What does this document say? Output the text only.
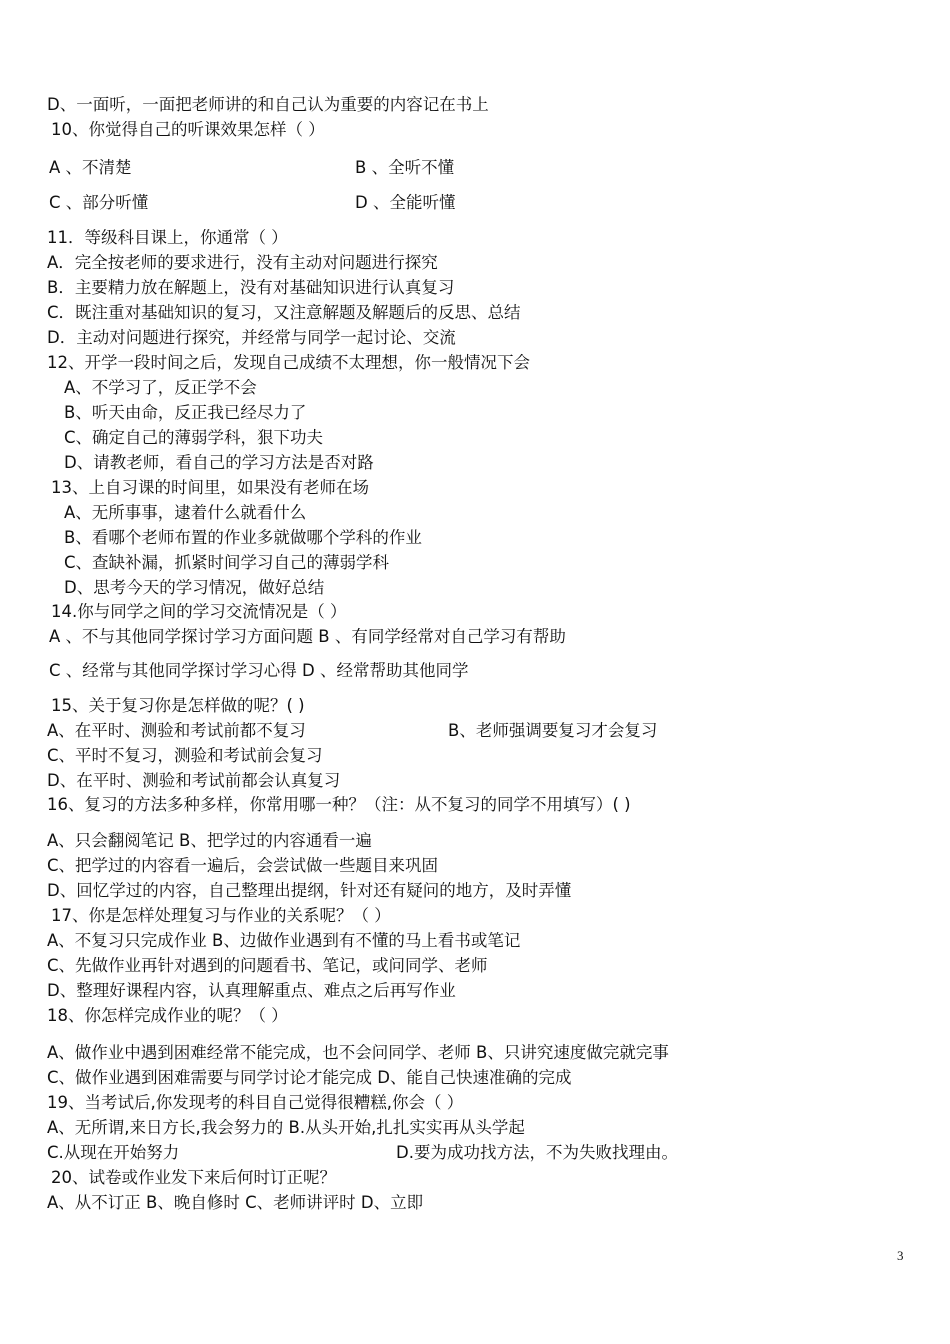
D、一面听，一面把老师讲的和自己认为重要的内容记在书上
10、你觉得自己的听课效果怎样（ ）
A 、不清楚	B 、全听不懂
C 、部分听懂	D 、全能听懂
11．等级科目课上，你通常（ ）
A．完全按老师的要求进行，没有主动对问题进行探究
B．主要精力放在解题上，没有对基础知识进行认真复习
C．既注重对基础知识的复习，又注意解题及解题后的反思、总结
D．主动对问题进行探究，并经常与同学一起讨论、交流
12、开学一段时间之后，发现自己成绩不太理想，你一般情况下会
A、不学习了，反正学不会
B、听天由命，反正我已经尽力了
C、确定自己的薄弱学科，狠下功夫
D、请教老师，看自己的学习方法是否对路
13、上自习课的时间里，如果没有老师在场
A、无所事事，逮着什么就看什么
B、看哪个老师布置的作业多就做哪个学科的作业
C、查缺补漏，抓紧时间学习自己的薄弱学科
D、思考今天的学习情况，做好总结
14.你与同学之间的学习交流情况是（ ）
A 、不与其他同学探讨学习方面问题 B 、有同学经常对自己学习有帮助
C 、经常与其他同学探讨学习心得 D 、经常帮助其他同学
15、关于复习你是怎样做的呢？( )
A、在平时、测验和考试前都不复习	B、老师强调要复习才会复习
C、平时不复习，测验和考试前会复习
D、在平时、测验和考试前都会认真复习
16、复习的方法多种多样，你常用哪一种？（注：从不复习的同学不用填写）( )
A、只会翻阅笔记 B、把学过的内容通看一遍
C、把学过的内容看一遍后，会尝试做一些题目来巩固
D、回忆学过的内容，自己整理出提纲，针对还有疑问的地方，及时弄懂
17、你是怎样处理复习与作业的关系呢？（ ）
A、不复习只完成作业 B、边做作业遇到有不懂的马上看书或笔记
C、先做作业再针对遇到的问题看书、笔记，或问同学、老师
D、整理好课程内容，认真理解重点、难点之后再写作业
18、你怎样完成作业的呢？（ ）
A、做作业中遇到困难经常不能完成，也不会问同学、老师 B、只讲究速度做完就完事
C、做作业遇到困难需要与同学讨论才能完成 D、能自己快速准确的完成
19、当考试后,你发现考的科目自己觉得很糟糕,你会（ ）
A、无所谓,来日方长,我会努力的 B.从头开始,扎扎实实再从头学起
C.从现在开始努力	D.要为成功找方法，不为失败找理由。
20、试卷或作业发下来后何时订正呢？
A、从不订正 B、晚自修时 C、老师讲评时 D、立即
3
